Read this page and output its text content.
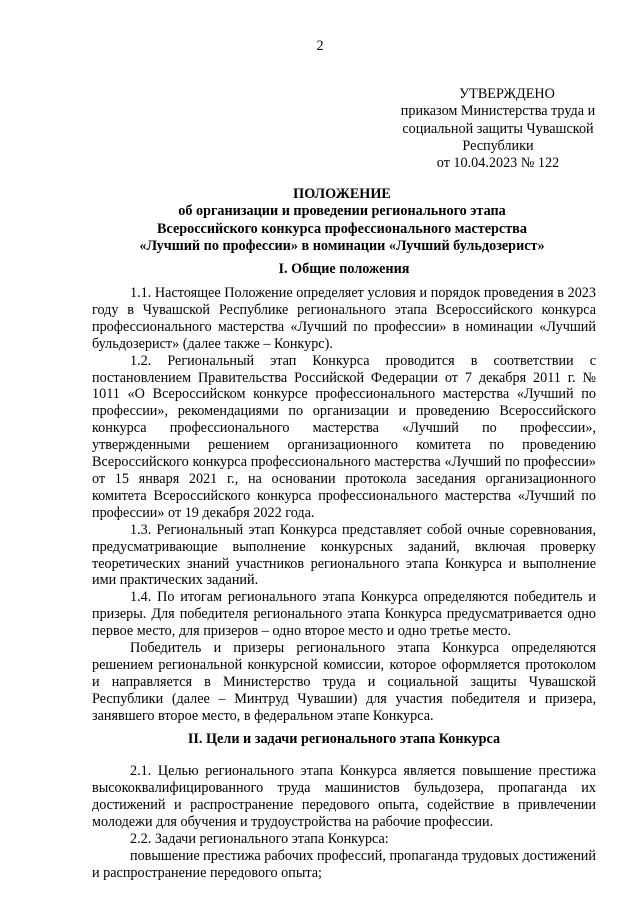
2
УТВЕРЖДЕНО
приказом Министерства труда и
социальной защиты Чувашской
Республики
от 10.04.2023 № 122
ПОЛОЖЕНИЕ
об организации и проведении регионального этапа
Всероссийского конкурса профессионального мастерства
«Лучший по профессии» в номинации «Лучший бульдозерист»
I. Общие положения

1.1. Настоящее Положение определяет условия и порядок проведения в 2023 году в Чувашской Республике регионального этапа Всероссийского конкурса профессионального мастерства «Лучший по профессии» в номинации «Лучший бульдозерист» (далее также – Конкурс).

1.2. Региональный этап Конкурса проводится в соответствии с постановлением Правительства Российской Федерации от 7 декабря 2011 г. № 1011 «О Всероссийском конкурсе профессионального мастерства «Лучший по профессии», рекомендациями по организации и проведению Всероссийского конкурса профессионального мастерства «Лучший по профессии», утвержденными решением организационного комитета по проведению Всероссийского конкурса профессионального мастерства «Лучший по профессии» от 15 января 2021 г., на основании протокола заседания организационного комитета Всероссийского конкурса профессионального мастерства «Лучший по профессии» от 19 декабря 2022 года.

1.3. Региональный этап Конкурса представляет собой очные соревнования, предусматривающие выполнение конкурсных заданий, включая проверку теоретических знаний участников регионального этапа Конкурса и выполнение ими практических заданий.

1.4. По итогам регионального этапа Конкурса определяются победитель и призеры. Для победителя регионального этапа Конкурса предусматривается одно первое место, для призеров – одно второе место и одно третье место.

Победитель и призеры регионального этапа Конкурса определяются решением региональной конкурсной комиссии, которое оформляется протоколом и направляется в Министерство труда и социальной защиты Чувашской Республики (далее – Минтруд Чувашии) для участия победителя и призера, занявшего второе место, в федеральном этапе Конкурса.

II. Цели и задачи регионального этапа Конкурса

2.1. Целью регионального этапа Конкурса является повышение престижа высококвалифицированного труда машинистов бульдозера, пропаганда их достижений и распространение передового опыта, содействие в привлечении молодежи для обучения и трудоустройства на рабочие профессии.

2.2. Задачи регионального этапа Конкурса:

повышение престижа рабочих профессий, пропаганда трудовых достижений и распространение передового опыта;
